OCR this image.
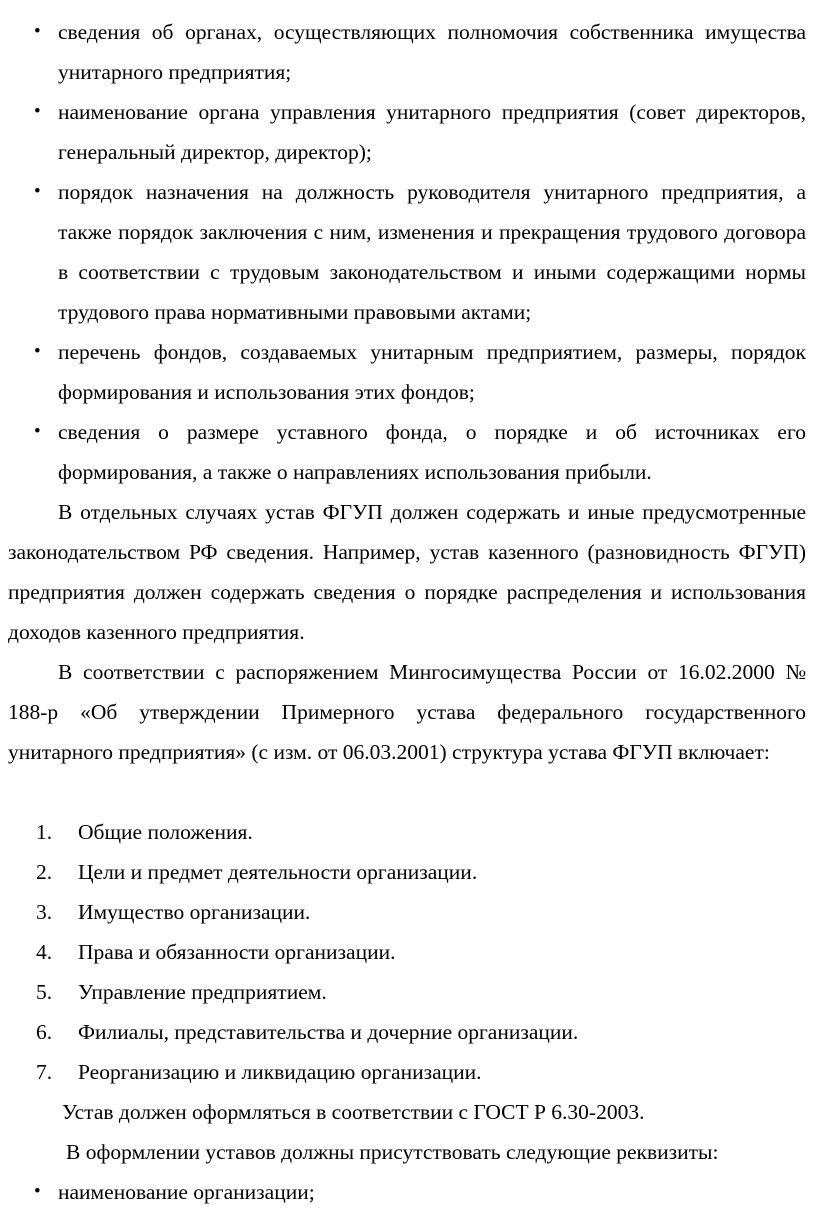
• сведения об органах, осуществляющих полномочия собственника имущества унитарного предприятия;
• наименование органа управления унитарного предприятия (совет директоров, генеральный директор, директор);
• порядок назначения на должность руководителя унитарного предприятия, а также порядок заключения с ним, изменения и прекращения трудового договора в соответствии с трудовым законодательством и иными содержащими нормы трудового права нормативными правовыми актами;
• перечень фондов, создаваемых унитарным предприятием, размеры, порядок формирования и использования этих фондов;
• сведения о размере уставного фонда, о порядке и об источниках его формирования, а также о направлениях использования прибыли.
В отдельных случаях устав ФГУП должен содержать и иные предусмотренные законодательством РФ сведения. Например, устав казенного (разновидность ФГУП) предприятия должен содержать сведения о порядке распределения и использования доходов казенного предприятия.
В соответствии с распоряжением Мингосимущества России от 16.02.2000 № 188-р «Об утверждении Примерного устава федерального государственного унитарного предприятия» (с изм. от 06.03.2001) структура устава ФГУП включает:
1. Общие положения.
2. Цели и предмет деятельности организации.
3. Имущество организации.
4. Права и обязанности организации.
5. Управление предприятием.
6. Филиалы, представительства и дочерние организации.
7. Реорганизацию и ликвидацию организации.
Устав должен оформляться в соответствии с ГОСТ Р 6.30-2003.
В оформлении уставов должны присутствовать следующие реквизиты:
• наименование организации;
